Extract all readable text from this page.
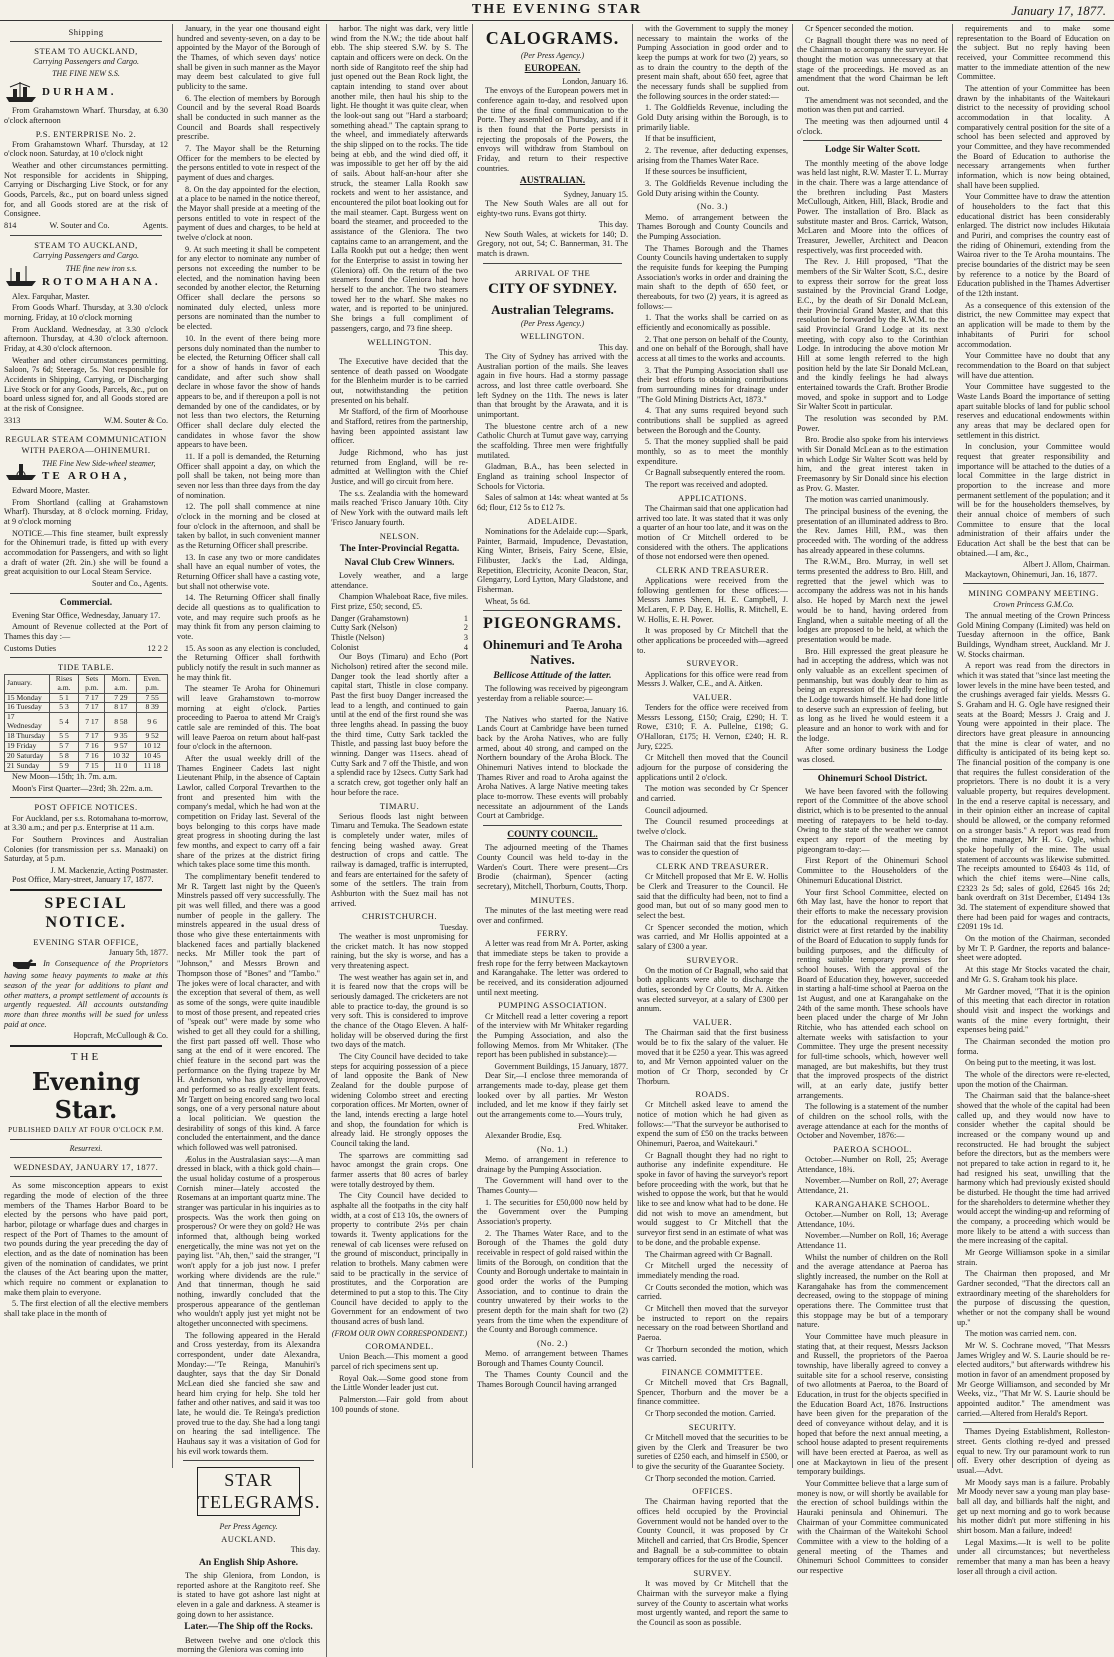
THE EVENING STAR	January 17, 1877.
Shipping
STEAM TO AUCKLAND,
Carrying Passengers and Cargo.
THE FINE NEW S.S.
DURHAM.

From Grahamstown Wharf. Thursday, at 6.30 o'clock afternoon

P.S. ENTERPRISE No. 2.

From Grahamstown Wharf. Thursday, at 12 o'clock noon. Saturday, at 10 o'clock night

Weather and other circumstances permitting. Not responsible for accidents in Shipping, Carrying or Discharging Live Stock, or for any Goods, Parcels, &c., put on board unless signed for, and all Goods stored are at the risk of Consignee.

814	W. Souter and Co.	Agents.
STEAM TO AUCKLAND,
Carrying Passengers and Cargo.
THE fine new iron s.s.
ROTOMAHANA.

Alex. Farquhar, Master.

From Goods Wharf. Thursday, at 3.30 o'clock morning. Friday, at 10 o'clock morning

From Auckland. Wednesday, at 3.30 o'clock afternoon. Thursday, at 4.30 o'clock afternoon. Friday, at 4.30 o'clock afternoon.

Weather and other circumstances permitting. Saloon, 7s 6d; Steerage, 5s. Not responsible for Accidents in Shipping, Carrying, or Discharging Live Stock or for any Goods, Parcels, &c., put on board unless signed for, and all Goods stored are at the risk of Consignee.

3313	W.M. Souter & Co.
REGULAR STEAM COMMUNICATION WITH PAEROA—OHINEMURI.
THE Fine New Side-wheel steamer,
TE AROHA,

Edward Moore, Master.

From Shortland (calling at Grahamstown Wharf). Thursday, at 8 o'clock morning. Friday, at 9 o'clock morning

NOTICE.—This fine steamer, built expressly for the Ohinemuri trade, is fitted up with every accommodation for Passengers, and with so light a draft of water (2ft. 2in.) she will be found a great acquisition to our Local Steam Service.

Souter and Co., Agents.
Commercial.

Evening Star Office, Wednesday, January 17.

Amount of Revenue collected at the Port of Thames this day :—

Customs Duties	12 2 2
TIDE TABLE.
January.	Rises a.m.	Sets p.m.	Morn. a.m.	Even. p.m.
15 Monday	5 1	7 17	7 29	7 55
16 Tuesday	5 3	7 17	8 17	8 39
17 Wednesday	5 4	7 17	8 58	9 6
18 Thursday	5 5	7 17	9 35	9 52
19 Friday	5 7	7 16	9 57	10 12
20 Saturday	5 8	7 16	10 32	10 45
21 Sunday	5 9	7 15	11 0	11 18

New Moon—15th; 1h. 7m. a.m.

Moon's First Quarter—23rd; 3h. 22m. a.m.

POST OFFICE NOTICES.

For Auckland, per s.s. Rotomahana to-morrow, at 3.30 a.m.; and per p.s. Enterprise at 11 a.m.

For Southern Provinces and Australian Colonies (for transmission per s.s. Manaaki) on Saturday, at 5 p.m.

J. M. Mackenzie, Acting Postmaster.

Post Office, Mary-street, January 17, 1877.

SPECIAL NOTICE.
EVENING STAR OFFICE,
January 5th, 1877.

In Consequence of the Proprietors having some heavy payments to make at this season of the year for additions to plant and other matters, a prompt settlement of accounts is urgently requested. All accounts outstanding more than three months will be sued for unless paid at once.

Hopcraft, McCullough & Co.
THE
Evening Star.
PUBLISHED DAILY AT FOUR O'CLOCK P.M.
Resurrexi.
WEDNESDAY, JANUARY 17, 1877.

As some misconception appears to exist regarding the mode of election of the three members of the Thames Harbor Board to be elected by the persons who have paid port, harbor, pilotage or wharfage dues and charges in respect of the Port of Thames to the amount of two pounds during the year preceding the day of election, and as the date of nomination has been given of the nomination of candidates, we print the clauses of the Act bearing upon the matter, which require no comment or explanation to make them plain to everyone.

5. The first election of all the elective members shall take place in the month of

January, in the year one thousand eight hundred and seventy-seven, on a day to be appointed by the Mayor of the Borough of the Thames, of which seven days' notice shall be given in such manner as the Mayor may deem best calculated to give full publicity to the same.

6. The election of members by Borough Council and by the several Road Boards shall be conducted in such manner as the Council and Boards shall respectively prescribe.

7. The Mayor shall be the Returning Officer for the members to be elected by the persons entitled to vote in respect of the payment of dues and charges.

8. On the day appointed for the election, at a place to be named in the notice thereof, the Mayor shall preside at a meeting of the persons entitled to vote in respect of the payment of dues and charges, to be held at twelve o'clock at noon.

9. At such meeting it shall be competent for any elector to nominate any number of persons not exceeding the number to be elected, and the nomination having been seconded by another elector, the Returning Officer shall declare the persons so nominated duly elected, unless more persons are nominated than the number to be elected.

10. In the event of there being more persons duly nominated than the number to be elected, the Returning Officer shall call for a show of hands in favor of each candidate, and after such show shall declare in whose favor the show of hands appears to be, and if thereupon a poll is not demanded by one of the candidates, or by not less than two electors, the Returning Officer shall declare duly elected the candidates in whose favor the show appears to have been.

11. If a poll is demanded, the Returning Officer shall appoint a day, on which the poll shall be taken, not being more than seven nor less than three days from the day of nomination.

12. The poll shall commence at nine o'clock in the morning and be closed at four o'clock in the afternoon, and shall be taken by ballot, in such convenient manner as the Returning Officer shall prescribe.

13. In case any two or more candidates shall have an equal number of votes, the Returning Officer shall have a casting vote, but shall not otherwise vote.

14. The Returning Officer shall finally decide all questions as to qualification to vote, and may require such proofs as he may think fit from any person claiming to vote.

15. As soon as any election is concluded, the Returning Officer shall forthwith publicly notify the result in such manner as he may think fit.

The steamer Te Aroha for Ohinemuri will leave Grahamstown to-morrow morning at eight o'clock. Parties proceeding to Paeroa to attend Mr Craig's cattle sale are reminded of this. The boat will leave Paeroa on return about half-past four o'clock in the afternoon.

After the usual weekly drill of the Thames Engineer Cadets last night Lieutenant Philp, in the absence of Captain Lawlor, called Corporal Trevarthen to the front and presented him with the company's medal, which he had won at the competition on Friday last. Several of the boys belonging to this corps have made great progress in shooting during the last few months, and expect to carry off a fair share of the prizes at the district firing which takes place some time this month.

The complimentary benefit tendered to Mr R. Targett last night by the Queen's Minstrels passed off very successfully. The pit was well filled, and there was a good number of people in the gallery. The minstrels appeared in the usual dress of those who give these entertainments with blackened faces and partially blackened necks. Mr Miller took the part of "Johnson," and Messrs Brown and Thompson those of "Bones" and "Tambo." The jokes were of local character, and with the exception that several of them, as well as some of the songs, were quite inaudible to most of those present, and repeated cries of "speak out" were made by some who wished to get all they could for a shilling, the first part passed off well. Those who sang at the end of it were encored. The chief feature in the second part was the performance on the flying trapeze by Mr H. Anderson, who has greatly improved, and performed so as really excellent feats. Mr Targett on being encored sang two local songs, one of a very personal nature about a local politician. We question the desirability of songs of this kind. A farce concluded the entertainment, and the dance which followed was well patronised.

Æolus in the Australasian says:—A man dressed in black, with a thick gold chain—the usual holiday costume of a prosperous Cornish miner—lately accosted the Rosemans at an important quartz mine. The stranger was particular in his inquiries as to prospects. Was the work then going on prosperous? Or were they on gold? He was informed that, although being worked energetically, the mine was not yet on the paying list. "Ah, then," said the stranger, "I won't apply for a job just now. I prefer working where dividends are the rule." And that tinnerman, though he said nothing, inwardly concluded that the prosperous appearance of the gentleman who wouldn't apply just yet might not be altogether unconnected with specimens.

The following appeared in the Herald and Cross yesterday, from its Alexandra correspondent, under date Alexandra, Monday:—"Te Reinga, Manuhiri's daughter, says that the day Sir Donald McLean died she fancied she saw and heard him crying for help. She told her father and other natives, and said it was too late, he would die. Te Reinga's prediction proved true to the day. She had a long tangi on hearing the sad intelligence. The Hauhaus say it was a visitation of God for his evil work towards them.

STAR TELEGRAMS.
Per Press Agency.
AUCKLAND.
This day.
An English Ship Ashore.

The ship Gleniora, from London, is reported ashore at the Rangitoto reef. She is stated to have got ashore last night at eleven in a gale and darkness. A steamer is going down to her assistance.

Later.—The Ship off the Rocks.

Between twelve and one o'clock this morning the Gleniora was coming into

harbor. The night was dark, very little wind from the N.W.; the tide about half ebb. The ship steered S.W. by S. The captain and officers were on deck. On the north side of Rangitoto reef the ship had just opened out the Bean Rock light, the captain intending to stand over about another mile, then haul his ship to the light. He thought it was quite clear, when the look-out sang out "Hard a starboard; something ahead." The captain sprang to the wheel, and immediately afterwards the ship slipped on to the rocks. The tide being at ebb, and the wind died off, it was impossible to get her off by the aid of sails. About half-an-hour after she struck, the steamer Lalla Rookh saw rockets and went to her assistance, and encountered the pilot boat looking out for the mail steamer. Capt. Burgess went on board the steamer, and proceeded to the assistance of the Gleniora. The two captains came to an arrangement, and the Lalla Rookh put out a hedge; then went for the Enterprise to assist in towing her (Gleniora) off. On the return of the two steamers found the Gleniora had hove herself to the anchor. The two steamers towed her to the wharf. She makes no water, and is reported to be uninjured. She brings a full compliment of passengers, cargo, and 73 fine sheep.

WELLINGTON.
This day.

The Executive have decided that the sentence of death passed on Woodgate for the Blenheim murder is to be carried out, notwithstanding the petition presented on his behalf.

Mr Stafford, of the firm of Moorhouse and Stafford, retires from the partnership, having been appointed assistant law officer.

Judge Richmond, who has just returned from England, will be re-admitted at Wellington with the Chief Justice, and will go circuit from here.

The s.s. Zealandia with the homeward mails reached 'Frisco January 10th. City of New York with the outward mails left 'Frisco January fourth.

NELSON.
The Inter-Provincial Regatta.
Naval Club Crew Winners.

Lovely weather, and a large attendance.

Champion Whaleboat Race, five miles. First prize, £50; second, £5.

Danger (Grahamstown)	1
Cutty Sark (Nelson)	2
Thistle (Nelson)	3
Colonist	4

Our Boys (Timaru) and Echo (Port Nicholson) retired after the second mile. Danger took the lead shortly after a capital start, Thistle in close company. Past the first buoy Danger increased the lead to a length, and continued to gain until at the end of the first round she was three lengths ahead. In passing the buoy the third time, Cutty Sark tackled the Thistle, and passing last buoy before the winning. Danger was 11secs. ahead of Cutty Sark and 7 off the Thistle, and won a splendid race by 12secs. Cutty Sark had a scratch crew, got together only half an hour before the race.

TIMARU.

Serious floods last night between Timaru and Temuka. The Seadown estate is completely under water, miles of fencing being washed away. Great destruction of crops and cattle. The railway is damaged, traffic is interrupted, and fears are entertained for the safety of some of the settlers. The train from Ashburton with the Suez mail has not arrived.

CHRISTCHURCH.
Tuesday.

The weather is most unpromising for the cricket match. It has now stopped raining, but the sky is worse, and has a very threatening aspect.

The west weather has again set in, and it is feared now that the crops will be seriously damaged. The cricketers are not able to practice to-day, the ground is so very soft. This is considered to improve the chance of the Otago Eleven. A half-holiday will be observed during the first two days of the match.

The City Council have decided to take steps for acquiring possession of a piece of land opposite the Bank of New Zealand for the double purpose of widening Colombo street and erecting corporation offices. Mr Morten, owner of the land, intends erecting a large hotel and shop, the foundation for which is already laid. He strongly opposes the Council taking the land.

The sparrows are committing sad havoc amongst the grain crops. One farmer asserts that 80 acres of barley were totally destroyed by them.

The City Council have decided to asphalte all the footpaths in the city half width, at a cost of £13 10s, the owners of property to contribute 2½s per chain towards it. Twenty applications for the renewal of cab licenses were refused on the ground of misconduct, principally in relation to brothels. Many cabmen were said to be practically in the service of prostitutes, and the Corporation are determined to put a stop to this. The City Council have decided to apply to the Government for an endowment of two thousand acres of bush land.

(FROM OUR OWN CORRESPONDENT.)
COROMANDEL.

Union Beach.—This moment a good parcel of rich specimens sent up.

Royal Oak.—Some good stone from the Little Wonder leader just cut.

Palmerston.—Fair gold from about 100 pounds of stone.

CALOGRAMS.
(Per Press Agency.)
EUROPEAN.
London, January 16.

The envoys of the European powers met in conference again to-day, and resolved upon the time of the final communication to the Porte. They assembled on Thursday, and if it is then found that the Porte persists in rejecting the proposals of the Powers, the envoys will withdraw from Stamboul on Friday, and return to their respective countries.

AUSTRALIAN.
Sydney, January 15.

The New South Wales are all out for eighty-two runs. Evans got thirty.

This day.

New South Wales, at wickets for 140; D. Gregory, not out, 54; C. Bannerman, 31. The match is drawn.

ARRIVAL OF THE
CITY OF SYDNEY.
Australian Telegrams.
(Per Press Agency.)
WELLINGTON.
This day.

The City of Sydney has arrived with the Australian portion of the mails. She leaves again in five hours. Had a stormy passage across, and lost three cattle overboard. She left Sydney on the 11th. The news is later than that brought by the Arawata, and it is unimportant.

The bluestone centre arch of a new Catholic Church at Tumut gave way, carrying the scaffolding. Three men were frightfully mutilated.

Gladman, B.A., has been selected in England as training school Inspector of Schools for Victoria.

Sales of salmon at 14s: wheat wanted at 5s 6d; flour, £12 5s to £12 7s.

ADELAIDE.

Nominations for the Adelaide cup:—Spark, Painter, Barmaid, Impudence, Devastation, King Winter, Briseis, Fairy Scene, Elsie, Filibuster, Jack's the Lad, Aldinga, Repetition, Electricity, Aconite Deacon, Star, Glengarry, Lord Lytton, Mary Gladstone, and Fisherman.

Wheat, 5s 6d.

PIGEONGRAMS.
Ohinemuri and Te Aroha Natives.
Bellicose Attitude of the latter.

The following was received by pigeongram yesterday from a reliable source:—

Paeroa, January 16.

The Natives who started for the Native Lands Court at Cambridge have been turned back by the Aroha Natives, who are fully armed, about 40 strong, and camped on the Northern boundary of the Aroha Block. The Ohinemuri Natives intend to blockade the Thames River and road to Aroha against the Aroha Natives. A large Native meeting takes place to-morrow. These events will probably necessitate an adjournment of the Lands Court at Cambridge.

COUNTY COUNCIL.

The adjourned meeting of the Thames County Council was held to-day in the Warden's Court. There were present—Crs Brodie (chairman), Spencer (acting secretary), Mitchell, Thorburn, Coutts, Thorp.

MINUTES.

The minutes of the last meeting were read over and confirmed.

FERRY.

A letter was read from Mr A. Porter, asking that immediate steps be taken to provide a fresh rope for the ferry between Mackaytown and Karangahake. The letter was ordered to be received, and its consideration adjourned until next meeting.

PUMPING ASSOCIATION.

Cr Mitchell read a letter covering a report of the interview with Mr Whitaker regarding the Pumping Association, and also the following Memos. from Mr Whitaker. (The report has been published in substance):—

Government Buildings, 15 January, 1877.

Dear Sir,—I enclose three memoranda of arrangements made to-day, please get them looked over by all parties. Mr Weston included, and let me know if they fairly set out the arrangements come to.—Yours truly,

Fred. Whitaker.

Alexander Brodie, Esq.

(No. 1.)

Memo. of arrangement in reference to drainage by the Pumping Association.

The Government will hand over to the Thames County—

1. The securities for £50,000 now held by the Government over the Pumping Association's property.

2. The Thames Water Race, and to the Borough of the Thames the gold duty receivable in respect of gold raised within the limits of the Borough, on condition that the County and Borough undertake to maintain in good order the works of the Pumping Association, and to continue to drain the country unwatered by their works to the present depth for the main shaft for two (2) years from the time when the expenditure of the County and Borough commence.

(No. 2.)

Memo. of arrangement between Thames Borough and Thames County Council.

The Thames County Council and the Thames Borough Council having arranged

with the Government to supply the money necessary to maintain the works of the Pumping Association in good order and to keep the pumps at work for two (2) years, so as to drain the country to the depth of the present main shaft, about 650 feet, agree that the necessary funds shall be supplied from the following sources in the order stated:—

1. The Goldfields Revenue, including the Gold Duty arising within the Borough, is to primarily liable.

If that be insufficient,

2. The revenue, after deducting expenses, arising from the Thames Water Race.

If these sources be insufficient,

3. The Goldfields Revenue including the Gold Duty arising within the County.

(No. 3.)

Memo. of arrangement between the Thames Borough and County Councils and the Pumping Association.

The Thames Borough and the Thames County Councils having undertaken to supply the requisite funds for keeping the Pumping Association's works in order and draining the main shaft to the depth of 650 feet, or thereabouts, for two (2) years, it is agreed as follows:—

1. That the works shall be carried on as efficiently and economically as possible.

2. That one person on behalf of the County, and one on behalf of the Borough, shall have access at all times to the works and accounts.

3. That the Pumping Association shall use their best efforts to obtaining contributions from surrounding mines for drainage under "The Gold Mining Districts Act, 1873."

4. That any sums required beyond such contributions shall be supplied as agreed between the Borough and the County.

5. That the money supplied shall be paid monthly, so as to meet the monthly expenditure.

Cr Bagnall subsequently entered the room.

The report was received and adopted.

APPLICATIONS.

The Chairman said that one application had arrived too late. It was stated that it was only a quarter of an hour too late, and it was on the motion of Cr Mitchell ordered to be considered with the others. The applications of those not endorsed were then opened.

CLERK AND TREASURER.

Applications were received from the following gentlemen for these offices:—Messrs James Sheen, H. E. Campbell, J. McLaren, F. P. Day, E. Hollis, R. Mitchell, E. W. Hollis, E. H. Power.

It was proposed by Cr Mitchell that the other applications be proceeded with—agreed to.

SURVEYOR.

Applications for this office were read from Messrs J. Walker, C.E., and A. Aitken.

VALUER.

Tenders for the office were received from Messrs Lessong, £150; Craig, £290; H. T. Rowe, £310; F. A. Pullelne, £198; G. O'Halloran, £175; H. Vernon, £240; H. R. Jury, £225.

Cr Mitchell then moved that the Council adjourn for the purpose of considering the applications until 2 o'clock.

The motion was seconded by Cr Spencer and carried.

Council adjourned.

The Council resumed proceedings at twelve o'clock.

The Chairman said that the first business was to consider the question of

CLERK AND TREASURER.

Cr Mitchell proposed that Mr E. W. Hollis be Clerk and Treasurer to the Council. He said that the difficulty had been, not to find a good man, but out of so many good men to select the best.

Cr Spencer seconded the motion, which was carried, and Mr Hollis appointed at a salary of £300 a year.

SURVEYOR.

On the motion of Cr Bagnall, who said that both applicants were able to discharge the duties, seconded by Cr Coutts, Mr A. Aitken was elected surveyor, at a salary of £300 per annum.

VALUER.

The Chairman said that the first business would be to fix the salary of the valuer. He moved that it be £250 a year. This was agreed to, and Mr Vernon appointed valuer on the motion of Cr Thorp, seconded by Cr Thorburn.

ROADS.

Cr Mitchell asked leave to amend the notice of motion which he had given as follows:—"That the surveyor be authorised to expend the sum of £50 on the tracks between Ohinemuri, Paeroa, and Waitekauri."

Cr Bagnall thought they had no right to authorise any indefinite expenditure. He spoke in favor of having the surveyor's report before proceeding with the work, but that he wished to oppose the work, but that he would like to see and know what had to be done. He did not wish to move an amendment, but would suggest to Cr Mitchell that the surveyor first send in an estimate of what was to be done, and the probable expense.

The Chairman agreed with Cr Bagnall.

Cr Mitchell urged the necessity of immediately mending the road.

Cr Coutts seconded the motion, which was carried.

Cr Mitchell then moved that the surveyor be instructed to report on the repairs necessary on the road between Shortland and Paeroa.

Cr Thorburn seconded the motion, which was carried.

FINANCE COMMITTEE.

Cr Mitchell moved that Crs Bagnall, Spencer, Thorburn and the mover be a finance committee.

Cr Thorp seconded the motion. Carried.

SECURITY.

Cr Mitchell moved that the securities to be given by the Clerk and Treasurer be two sureties of £250 each, and himself in £500, or to give the security of the Guarantee Society.

Cr Thorp seconded the motion. Carried.

OFFICES.

The Chairman having reported that the offices held occupied by the Provincial Government would not be handed over to the County Council, it was proposed by Cr Mitchell and carried, that Crs Brodie, Spencer and Bagnall be a sub-committee to obtain temporary offices for the use of the Council.

SURVEY.

It was moved by Cr Mitchell that the Chairman with the surveyor make a flying survey of the County to ascertain what works most urgently wanted, and report the same to the Council as soon as possible.

Cr Spencer seconded the motion.

Cr Bagnall thought there was no need of the Chairman to accompany the surveyor. He thought the motion was unnecessary at that stage of the proceedings. He moved as an amendment that the word Chairman be left out.

The amendment was not seconded, and the motion was then put and carried.

The meeting was then adjourned until 4 o'clock.

Lodge Sir Walter Scott.

The monthly meeting of the above lodge was held last night, R.W. Master T. L. Murray in the chair. There was a large attendance of the brethren including Past Masters McCullough, Aitken, Hill, Black, Brodie and Power. The installation of Bro. Black as substitute master and Bros. Carrick, Watson, McLaren and Moore into the offices of Treasurer, Jeweller, Architect and Deacon respectively, was first proceeded with.

The Rev. J. Hill proposed, "That the members of the Sir Walter Scott, S.C., desire to express their sorrow for the great loss sustained by the Provincial Grand Lodge, E.C., by the death of Sir Donald McLean, their Provincial Grand Master, and that this resolution be forwarded by the R.W.M. to the said Provincial Grand Lodge at its next meeting, with copy also to the Corinthian Lodge. In introducing the above motion Mr Hill at some length referred to the high position held by the late Sir Donald McLean, and the kindly feelings he had always entertained towards the Craft. Brother Brodie moved, and spoke in support and to Lodge Sir Walter Scott in particular.

The resolution was seconded by P.M. Power.

Bro. Brodie also spoke from his interviews with Sir Donald McLean as to the estimation in which Lodge Sir Walter Scott was held by him, and the great interest taken in Freemasonry by Sir Donald since his election as Prov. G. Master.

The motion was carried unanimously.

The principal business of the evening, the presentation of an illuminated address to Bro. the Rev. James Hill, P.M., was then proceeded with. The wording of the address has already appeared in these columns.

The R.W.M., Bro. Murray, in well set terms presented the address to Bro. Hill, and regretted that the jewel which was to accompany the address was not in his hands also. He hoped by March next the jewel would be to hand, having ordered from England, when a suitable meeting of all the lodges are proposed to be held, at which the presentation would be made.

Bro. Hill expressed the great pleasure he had in accepting the address, which was not only valuable as an excellent specimen of penmanship, but was doubly dear to him as being an expression of the kindly feeling of the Lodge towards himself. He had done little to deserve such an expression of feeling, but as long as he lived he would esteem it a pleasure and an honor to work with and for the lodge.

After some ordinary business the Lodge was closed.

Ohinemuri School District.

We have been favored with the following report of the Committee of the above school district, which is to be presented to the annual meeting of ratepayers to be held to-day. Owing to the state of the weather we cannot expect any report of the meeting by pigeongram to-day:—

First Report of the Ohinemuri School Committee to the Householders of the Ohinemuri Educational District.

Your first School Committee, elected on 6th May last, have the honor to report that their efforts to make the necessary provision for the educational requirements of the district were at first retarded by the inability of the Board of Education to supply funds for building purposes, and the difficulty of renting suitable temporary premises for school houses. With the approval of the Board of Education they, however, succeeded in starting a half-time school at Paeroa on the 1st August, and one at Karangahake on the 24th of the same month. These schools have been placed under the charge of Mr John Ritchie, who has attended each school on alternate weeks with satisfaction to your Committee. They urge the present necessity for full-time schools, which, however well managed, are but makeshifts, but they trust that the improved prospects of the district will, at an early date, justify better arrangements.

The following is a statement of the number of children on the school rolls, with the average attendance at each for the months of October and November, 1876:—

PAEROA SCHOOL.

October.—Number on Roll, 25; Average Attendance, 18¾.

November.—Number on Roll, 27; Average Attendance, 21.

KARANGAHAKE SCHOOL.

October.—Number on Roll, 13; Average Attendance, 10½.

November.—Number on Roll, 16; Average Attendance 11.

Whilst the number of children on the Roll and the average attendance at Paeroa has slightly increased, the number on the Roll at Karangahake has from the commencement decreased, owing to the stoppage of mining operations there. The Committee trust that this stoppage may be but of a temporary nature.

Your Committee have much pleasure in stating that, at their request, Messrs Jackson and Russell, the proprietors of the Paeroa township, have liberally agreed to convey a suitable site for a school reserve, consisting of two allotments at Paeroa, to the Board of Education, in trust for the objects specified in the Education Board Act, 1876. Instructions have been given for the preparation of the deed of conveyance without delay, and it is hoped that before the next annual meeting, a school house adapted to present requirements will have been erected at Paeroa, as well as one at Mackaytown in lieu of the present temporary buildings.

Your Committee believe that a large sum of money is now, or will shortly be available for the erection of school buildings within the Hauraki peninsula and Ohinemuri. The Chairman of your Committee communicated with the Chairman of the Waitekohi School Committee with a view to the holding of a general meeting of the Thames and Ohinemuri School Committees to consider our respective

requirements and to make some representation to the Board of Education on the subject. But no reply having been received, your Committee recommend this matter to the immediate attention of the new Committee.

The attention of your Committee has been drawn by the inhabitants of the Waitekauri district to the necessity of providing school accommodation in that locality. A comparatively central position for the site of a school has been selected and approved by your Committee, and they have recommended the Board of Education to authorise the necessary arrangements when further information, which is now being obtained, shall have been supplied.

Your Committee have to draw the attention of householders to the fact that this educational district has been considerably enlarged. The district now includes Hikutaia and Puriri, and comprises the country east of the riding of Ohinemuri, extending from the Wairoa river to the Te Aroha mountains. The precise boundaries of the district may be seen by reference to a notice by the Board of Education published in the Thames Advertiser of the 12th instant.

As a consequence of this extension of the district, the new Committee may expect that an application will be made to them by the inhabitants of Puriri for school accommodation.

Your Committee have no doubt that any recommendation to the Board on that subject will have due attention.

Your Committee have suggested to the Waste Lands Board the importance of setting apart suitable blocks of land for public school reserves and educational endowments within any areas that may be declared open for settlement in this district.

In conclusion, your Committee would request that greater responsibility and importance will be attached to the duties of a local Committee in the large district in proportion to the increase and more permanent settlement of the population; and it will be for the householders themselves, by their annual choice of members of such Committee to ensure that the local administration of their affairs under the Education Act shall be the best that can be obtained.—I am, &c.,

Albert J. Allom, Chairman.

Mackaytown, Ohinemuri, Jan. 16, 1877.

MINING COMPANY MEETING.
Crown Princess G.M.Co.

The annual meeting of the Crown Princess Gold Mining Company (Limited) was held on Tuesday afternoon in the office, Bank Buildings, Wyndham street, Auckland. Mr J. W. Stocks chairman.

A report was read from the directors in which it was stated that "since last meeting the lower levels in the mine have been tested, and the crushings averaged fair yields. Messrs G. S. Graham and H. G. Ogle have resigned their seats at the Board; Messrs J. Craig and J. Young were appointed in their place. The directors have great pleasure in announcing that the mine is clear of water, and no difficulty is anticipated of its being kept so. The financial position of the company is one that requires the fullest consideration of the proprietors. There is no doubt it is a very valuable property, but requires development. In the end a reserve capital is necessary, and in their opinion either an increase of capital should be allowed, or the company reformed on a stronger basis." A report was read from the mine manager, Mr H. G. Ogle, which spoke hopefully of the mine. The usual statement of accounts was likewise submitted. The receipts amounted to £6403 4s 11d, of which the chief items were—Nine calls, £2323 2s 5d; sales of gold, £2645 16s 2d; bank overdraft on 31st December, £1494 13s 3d. The statement of expenditure showed that there had been paid for wages and contracts, £2091 19s 1d.

On the motion of the Chairman, seconded by Mr T. P. Gardner, the reports and balance-sheet were adopted.

At this stage Mr Stocks vacated the chair, and Mr G. S. Graham took his place.

Mr Gardner moved, "That it is the opinion of this meeting that each director in rotation should visit and inspect the workings and wants of the mine every fortnight, their expenses being paid."

The Chairman seconded the motion pro forma.

On being put to the meeting, it was lost.

The whole of the directors were re-elected, upon the motion of the Chairman.

The Chairman said that the balance-sheet showed that the whole of the capital had been called up, and they would now have to consider whether the capital should be increased or the company wound up and reconstructed. He had brought the subject before the directors, but as the members were not prepared to take action in regard to it, he had resigned his seat, unwilling that the harmony which had previously existed should be disturbed. He thought the time had arrived for the shareholders to determine whether they would accept the winding-up and reforming of the company, a proceeding which would be more likely to be attend a with success than the mere increasing of the capital.

Mr George Williamson spoke in a similar strain.

The Chairman then proposed, and Mr Gardner seconded, "That the directors call an extraordinary meeting of the shareholders for the purpose of discussing the question, whether or not the company shall be wound up."

The motion was carried nem. con.

Mr W. S. Cochrane moved, "That Messrs James Wrigley and W. S. Laurie should be re-elected auditors," but afterwards withdrew his motion in favor of an amendment proposed by Mr George Williamson, and seconded by Mr Weeks, viz., "That Mr W. S. Laurie should be appointed auditor." The amendment was carried.—Altered from Herald's Report.

Thames Dyeing Establishment, Rolleston-street. Gents clothing re-dyed and pressed equal to new. Try our paramount work to run off. Every other description of dyeing as usual.—Advt.

Mr Moody says man is a failure. Probably Mr Moody never saw a young man play base-ball all day, and billiards half the night, and get up next morning and go to work because his mother didn't put more stiffening in his shirt bosom. Man a failure, indeed!

Legal Maxims.—It is well to be polite under all circumstances; but nevertheless remember that many a man has been a heavy loser all through a civil action.
